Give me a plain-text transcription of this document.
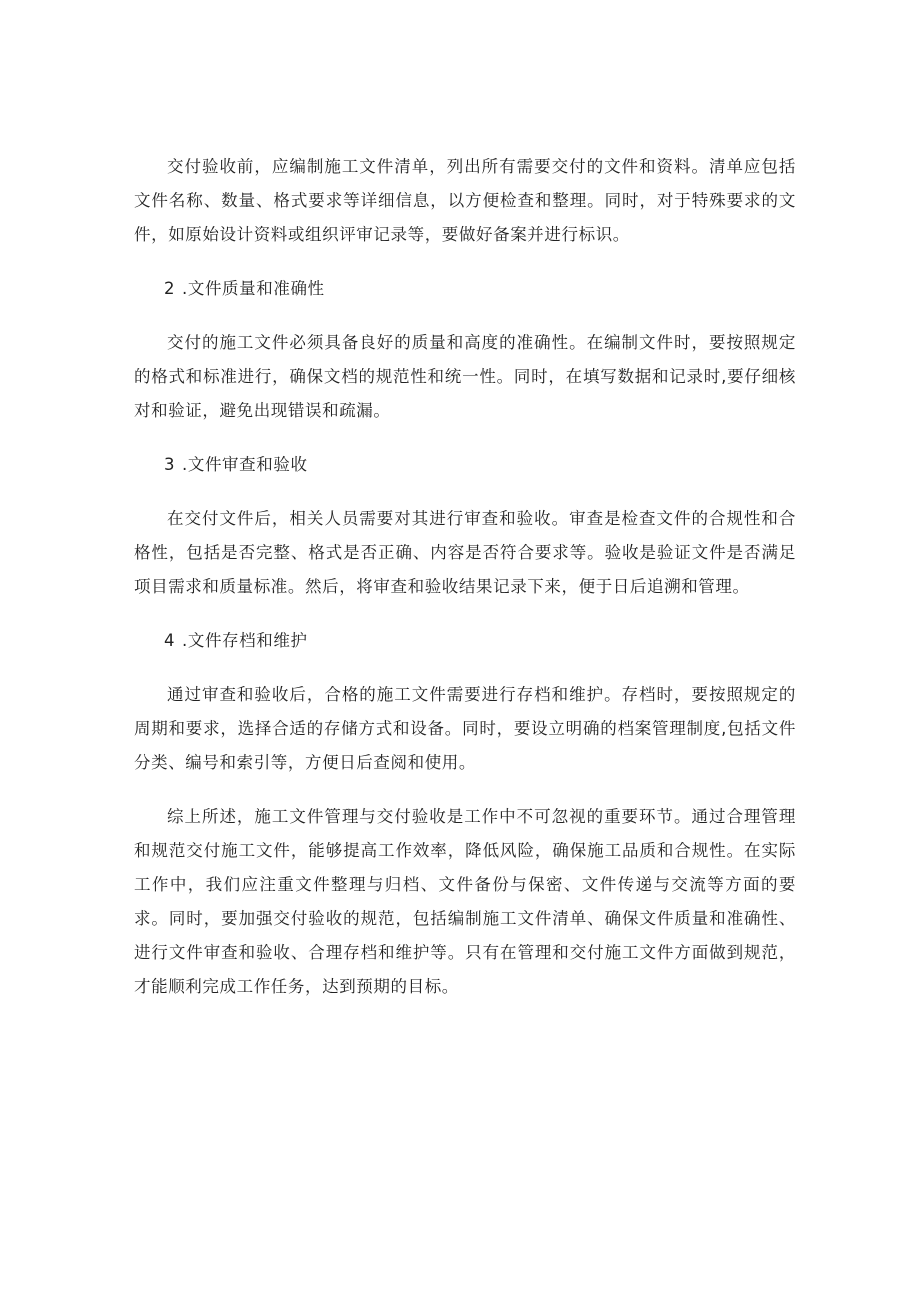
交付验收前，应编制施工文件清单，列出所有需要交付的文件和资料。清单应包括文件名称、数量、格式要求等详细信息，以方便检查和整理。同时，对于特殊要求的文件，如原始设计资料或组织评审记录等，要做好备案并进行标识。

2 .文件质量和准确性

交付的施工文件必须具备良好的质量和高度的准确性。在编制文件时，要按照规定的格式和标准进行，确保文档的规范性和统一性。同时，在填写数据和记录时,要仔细核对和验证，避免出现错误和疏漏。

3 .文件审查和验收

在交付文件后，相关人员需要对其进行审查和验收。审查是检查文件的合规性和合格性，包括是否完整、格式是否正确、内容是否符合要求等。验收是验证文件是否满足项目需求和质量标准。然后，将审查和验收结果记录下来，便于日后追溯和管理。

4 .文件存档和维护

通过审查和验收后，合格的施工文件需要进行存档和维护。存档时，要按照规定的周期和要求，选择合适的存储方式和设备。同时，要设立明确的档案管理制度,包括文件分类、编号和索引等，方便日后查阅和使用。

综上所述，施工文件管理与交付验收是工作中不可忽视的重要环节。通过合理管理和规范交付施工文件，能够提高工作效率，降低风险，确保施工品质和合规性。在实际工作中，我们应注重文件整理与归档、文件备份与保密、文件传递与交流等方面的要求。同时，要加强交付验收的规范，包括编制施工文件清单、确保文件质量和准确性、进行文件审查和验收、合理存档和维护等。只有在管理和交付施工文件方面做到规范，才能顺利完成工作任务，达到预期的目标。
